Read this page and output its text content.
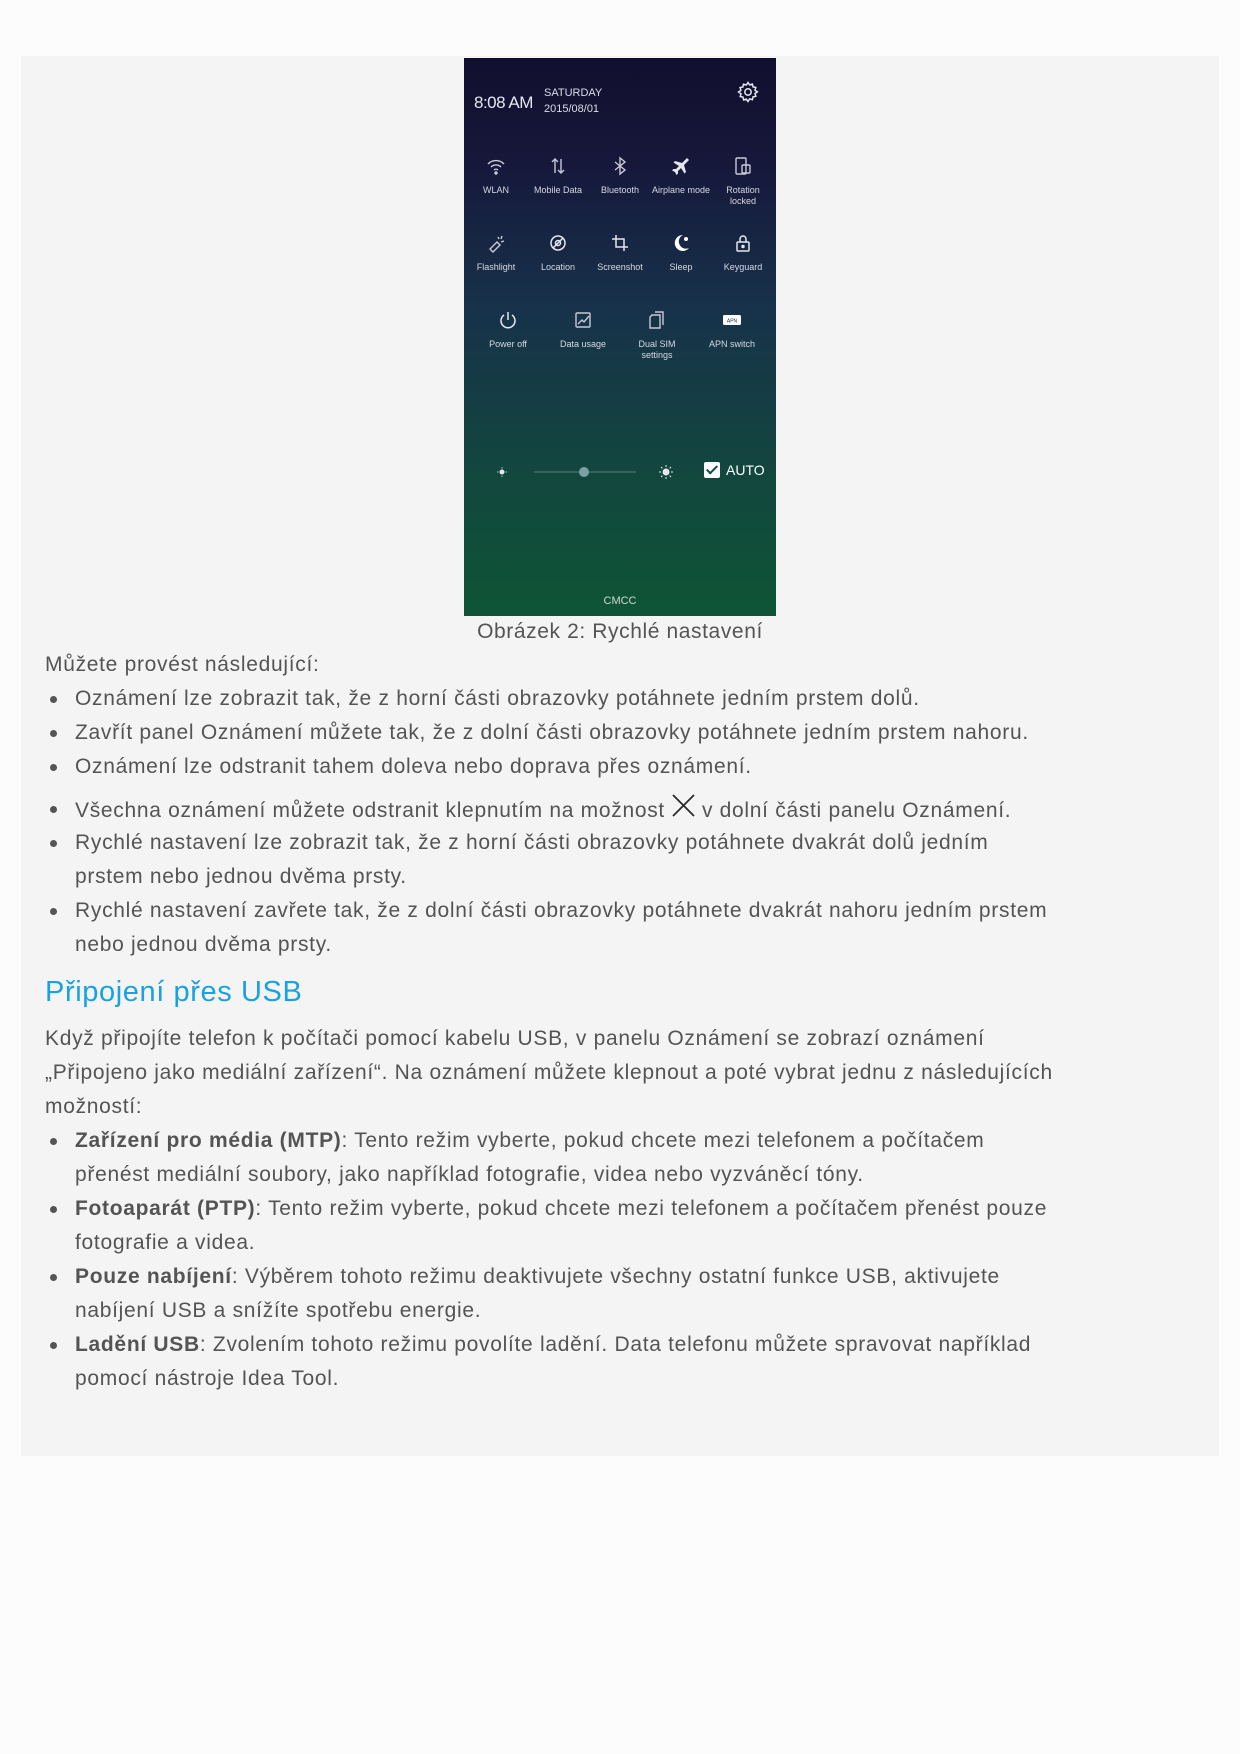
8:08 AM SATURDAY
2015/08/01
WLAN	Mobile Data	Bluetooth	Airplane mode	Rotation locked
Flashlight	Location	Screenshot	Sleep	Keyguard
Power off	Data usage	Dual SIM settings
APN
APN switch
AUTO
CMCC
Obrázek 2: Rychlé nastavení
Můžete provést následující:
Oznámení lze zobrazit tak, že z horní části obrazovky potáhnete jedním prstem dolů.
Zavřít panel Oznámení můžete tak, že z dolní části obrazovky potáhnete jedním prstem nahoru.
Oznámení lze odstranit tahem doleva nebo doprava přes oznámení.
Všechna oznámení můžete odstranit klepnutím na možnost v dolní části panelu Oznámení.
Rychlé nastavení lze zobrazit tak, že z horní části obrazovky potáhnete dvakrát dolů jedním
prstem nebo jednou dvěma prsty.
Rychlé nastavení zavřete tak, že z dolní části obrazovky potáhnete dvakrát nahoru jedním prstem
nebo jednou dvěma prsty.
Připojení přes USB
Když připojíte telefon k počítači pomocí kabelu USB, v panelu Oznámení se zobrazí oznámení
„Připojeno jako mediální zařízení“. Na oznámení můžete klepnout a poté vybrat jednu z následujících
možností:
Zařízení pro média (MTP): Tento režim vyberte, pokud chcete mezi telefonem a počítačem
přenést mediální soubory, jako například fotografie, videa nebo vyzváněcí tóny.
Fotoaparát (PTP): Tento režim vyberte, pokud chcete mezi telefonem a počítačem přenést pouze
fotografie a videa.
Pouze nabíjení: Výběrem tohoto režimu deaktivujete všechny ostatní funkce USB, aktivujete
nabíjení USB a snížíte spotřebu energie.
Ladění USB: Zvolením tohoto režimu povolíte ladění. Data telefonu můžete spravovat například
pomocí nástroje Idea Tool.
